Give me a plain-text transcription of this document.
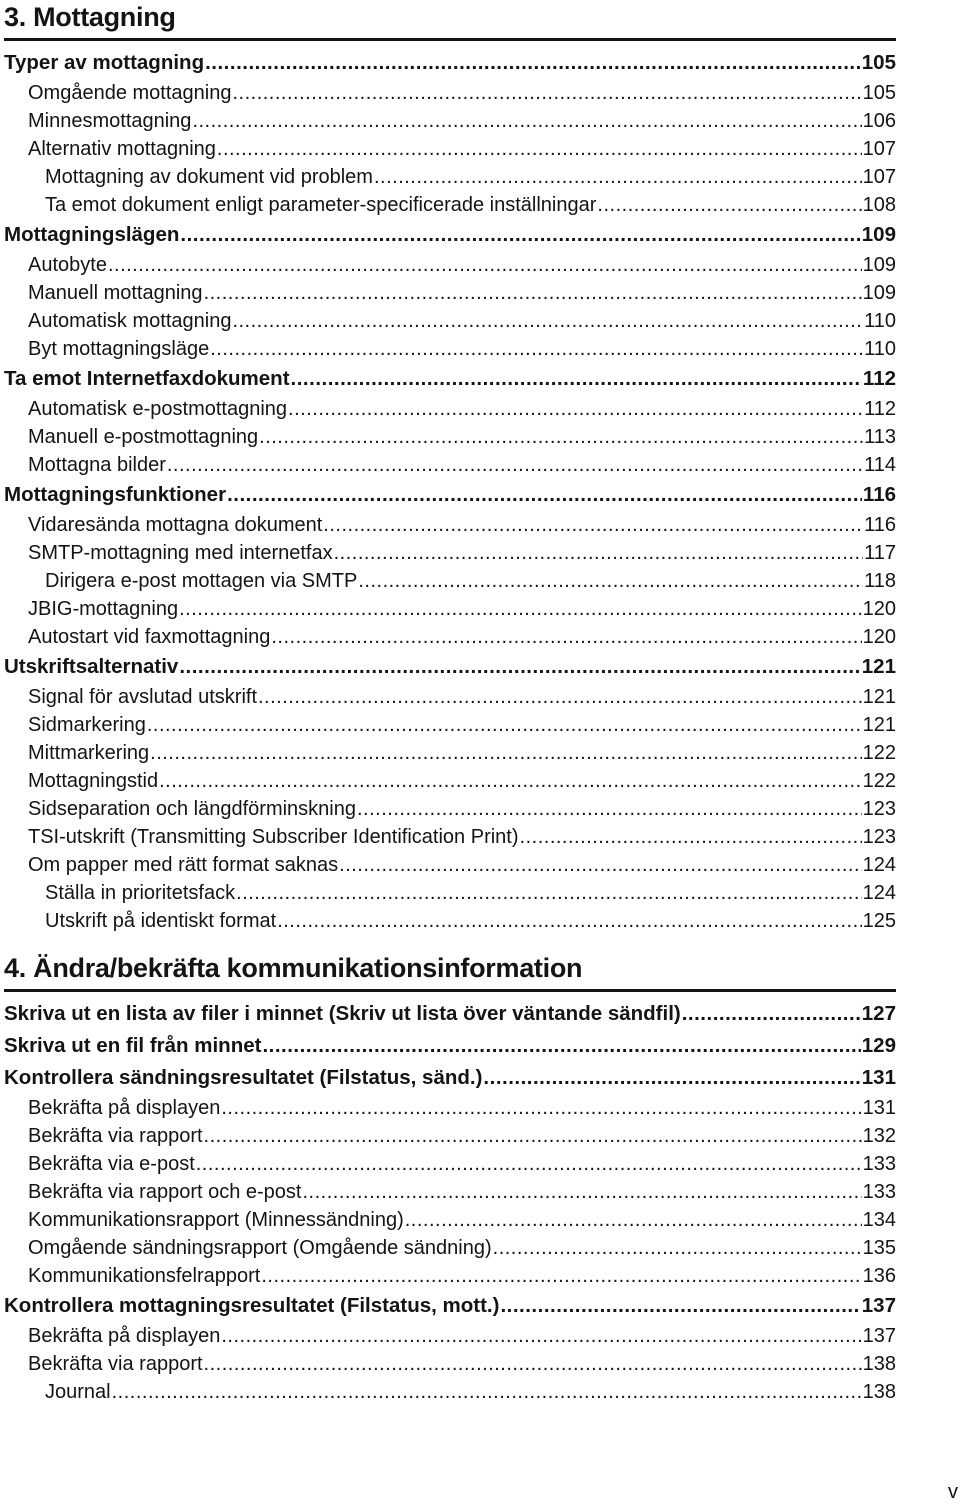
3. Mottagning
Typer av mottagning .....	105
Omgående mottagning .....	105
Minnesmottagning .....	106
Alternativ mottagning .....	107
Mottagning av dokument vid problem .....	107
Ta emot dokument enligt parameter-specificerade inställningar .....	108
Mottagningslägen .....	109
Autobyte .....	109
Manuell mottagning .....	109
Automatisk mottagning .....	110
Byt mottagningsläge .....	110
Ta emot Internetfaxdokument .....	112
Automatisk e-postmottagning .....	112
Manuell e-postmottagning .....	113
Mottagna bilder .....	114
Mottagningsfunktioner .....	116
Vidaresända mottagna dokument .....	116
SMTP-mottagning med internetfax .....	117
Dirigera e-post mottagen via SMTP .....	118
JBIG-mottagning .....	120
Autostart vid faxmottagning .....	120
Utskriftsalternativ .....	121
Signal för avslutad utskrift .....	121
Sidmarkering .....	121
Mittmarkering .....	122
Mottagningstid .....	122
Sidseparation och längdförminskning .....	123
TSI-utskrift (Transmitting Subscriber Identification Print) .....	123
Om papper med rätt format saknas .....	124
Ställa in prioritetsfack .....	124
Utskrift på identiskt format .....	125
4. Ändra/bekräfta kommunikationsinformation
Skriva ut en lista av filer i minnet (Skriv ut lista över väntande sändfil) .....	127
Skriva ut en fil från minnet .....	129
Kontrollera sändningsresultatet (Filstatus, sänd.) .....	131
Bekräfta på displayen .....	131
Bekräfta via rapport .....	132
Bekräfta via e-post .....	133
Bekräfta via rapport och e-post .....	133
Kommunikationsrapport (Minnessändning) .....	134
Omgående sändningsrapport (Omgående sändning) .....	135
Kommunikationsfelrapport .....	136
Kontrollera mottagningsresultatet (Filstatus, mott.) .....	137
Bekräfta på displayen .....	137
Bekräfta via rapport .....	138
Journal .....	138
v
